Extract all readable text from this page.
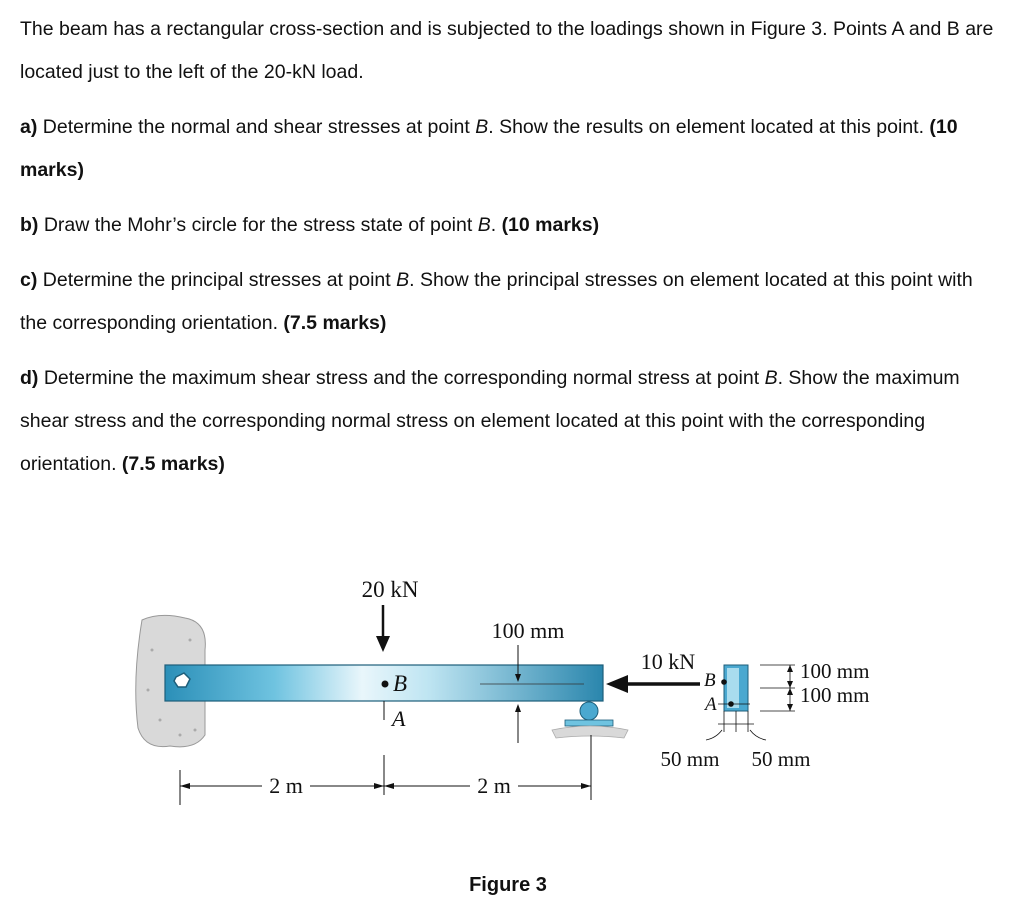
The beam has a rectangular cross-section and is subjected to the loadings shown in Figure 3. Points A and B are located just to the left of the 20-kN load.

a) Determine the normal and shear stresses at point B. Show the results on element located at this point. (10 marks)

b) Draw the Mohr’s circle for the stress state of point B. (10 marks)

c) Determine the principal stresses at point B. Show the principal stresses on element located at this point with the corresponding orientation. (7.5 marks)

d) Determine the maximum shear stress and the corresponding normal stress at point B. Show the maximum shear stress and the corresponding normal stress on element located at this point with the corresponding orientation. (7.5 marks)

20 kN
B
A
100 mm
2 m	2 m
10 kN
B
A
100 mm
100 mm
50 mm 50 mm
Figure 3
